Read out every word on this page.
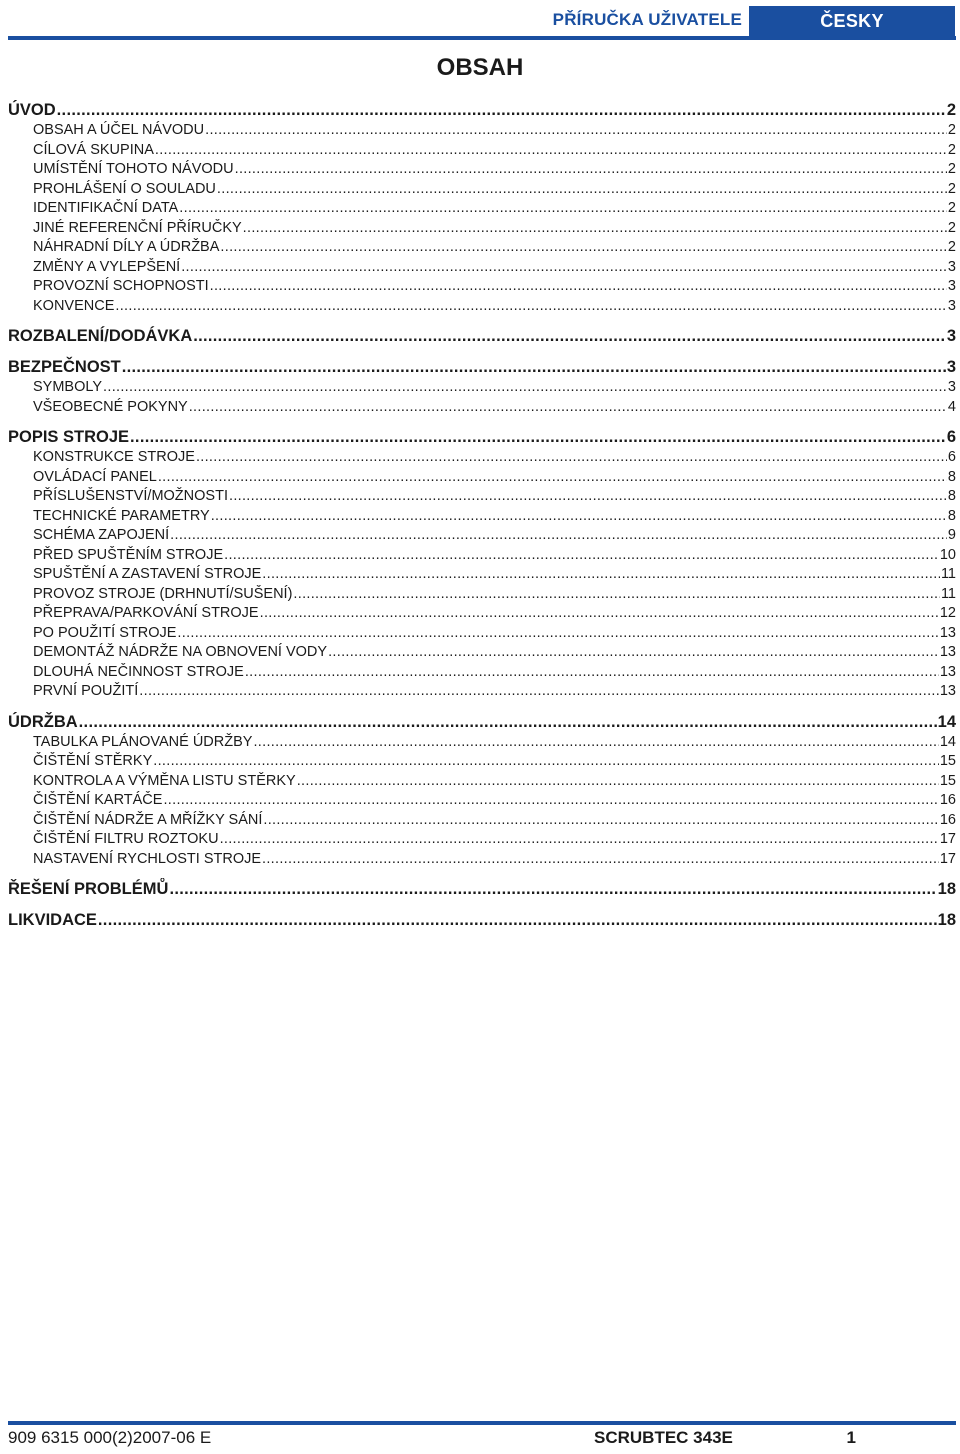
PŘÍRUČKA UŽIVATELE	ČESKY
OBSAH
ÚVOD .....	2
OBSAH A ÚČEL NÁVODU .....	2
CÍLOVÁ SKUPINA .....	2
UMÍSTĚNÍ TOHOTO NÁVODU .....	2
PROHLÁŠENÍ O SOULADU .....	2
IDENTIFIKAČNÍ DATA .....	2
JINÉ REFERENČNÍ PŘÍRUČKY .....	2
NÁHRADNÍ DÍLY A ÚDRŽBA .....	2
ZMĚNY A VYLEPŠENÍ .....	3
PROVOZNÍ SCHOPNOSTI .....	3
KONVENCE .....	3
ROZBALENÍ/DODÁVKA .....	3
BEZPEČNOST .....	3
SYMBOLY .....	3
VŠEOBECNÉ POKYNY .....	4
POPIS STROJE .....	6
KONSTRUKCE STROJE .....	6
OVLÁDACÍ PANEL .....	8
PŘÍSLUŠENSTVÍ/MOŽNOSTI .....	8
TECHNICKÉ PARAMETRY .....	8
SCHÉMA ZAPOJENÍ .....	9
PŘED SPUŠTĚNÍM STROJE .....	10
SPUŠTĚNÍ A ZASTAVENÍ STROJE .....	11
PROVOZ STROJE (DRHNUTÍ/SUŠENÍ) .....	11
PŘEPRAVA/PARKOVÁNÍ STROJE .....	12
PO POUŽITÍ STROJE .....	13
DEMONTÁŽ NÁDRŽE NA OBNOVENÍ VODY .....	13
DLOUHÁ NEČINNOST STROJE .....	13
PRVNÍ POUŽITÍ .....	13
ÚDRŽBA .....	14
TABULKA PLÁNOVANÉ ÚDRŽBY .....	14
ČIŠTĚNÍ STĚRKY .....	15
KONTROLA A VÝMĚNA LISTU STĚRKY .....	15
ČIŠTĚNÍ KARTÁČE .....	16
ČIŠTĚNÍ NÁDRŽE A MŘÍŽKY SÁNÍ .....	16
ČIŠTĚNÍ FILTRU ROZTOKU .....	17
NASTAVENÍ RYCHLOSTI STROJE .....	17
ŘEŠENÍ PROBLÉMŮ .....	18
LIKVIDACE .....	18
909 6315 000(2)2007-06 E	SCRUBTEC 343E	1
